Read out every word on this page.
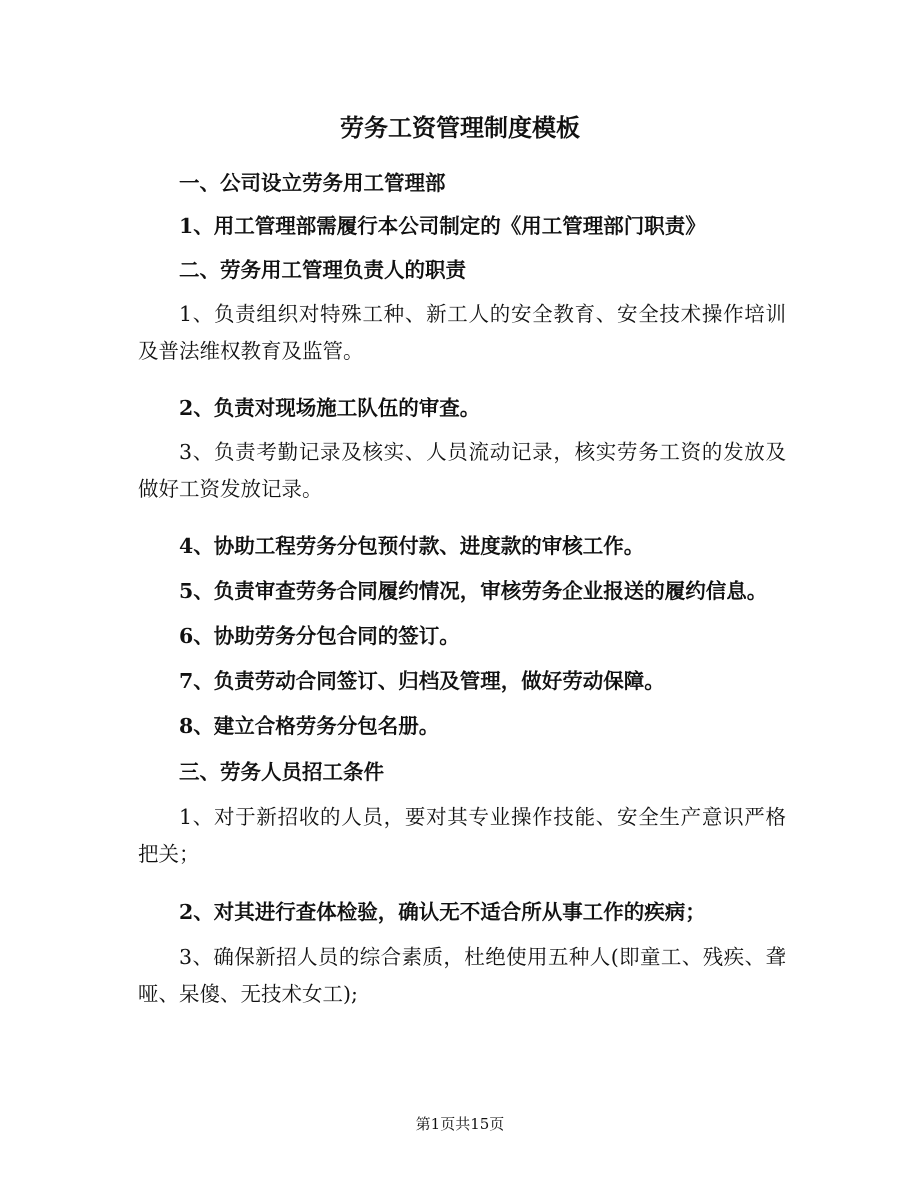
劳务工资管理制度模板

一、公司设立劳务用工管理部

1、用工管理部需履行本公司制定的《用工管理部门职责》

二、劳务用工管理负责人的职责

1、负责组织对特殊工种、新工人的安全教育、安全技术操作培训及普法维权教育及监管。

2、负责对现场施工队伍的审查。

3、负责考勤记录及核实、人员流动记录，核实劳务工资的发放及做好工资发放记录。

4、协助工程劳务分包预付款、进度款的审核工作。

5、负责审查劳务合同履约情况，审核劳务企业报送的履约信息。

6、协助劳务分包合同的签订。

7、负责劳动合同签订、归档及管理，做好劳动保障。

8、建立合格劳务分包名册。

三、劳务人员招工条件

1、对于新招收的人员，要对其专业操作技能、安全生产意识严格把关；

2、对其进行查体检验，确认无不适合所从事工作的疾病；

3、确保新招人员的综合素质，杜绝使用五种人(即童工、残疾、聋哑、呆傻、无技术女工);

第1页共15页
